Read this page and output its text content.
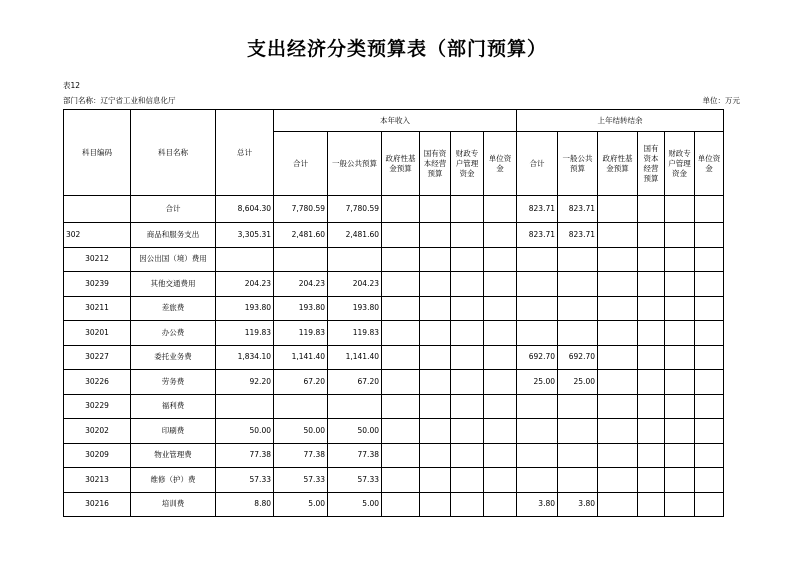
支出经济分类预算表（部门预算）
表12
部门名称：辽宁省工业和信息化厅	单位：万元
科目编码	科目名称	总计	本年收入						上年结转结余					
			合计	一般公共预算	政府性基金预算	国有资本经营预算	财政专户管理资金	单位资金	合计	一般公共预算	政府性基金预算	国有资本经营预算	财政专户管理资金	单位资金
	合计	8,604.30	7,780.59	7,780.59					823.71	823.71				
302	商品和服务支出	3,305.31	2,481.60	2,481.60					823.71	823.71				
30212	因公出国（境）费用													
30239	其他交通费用	204.23	204.23	204.23										
30211	差旅费	193.80	193.80	193.80										
30201	办公费	119.83	119.83	119.83										
30227	委托业务费	1,834.10	1,141.40	1,141.40					692.70	692.70				
30226	劳务费	92.20	67.20	67.20					25.00	25.00				
30229	福利费													
30202	印刷费	50.00	50.00	50.00										
30209	物业管理费	77.38	77.38	77.38										
30213	维修（护）费	57.33	57.33	57.33										
30216	培训费	8.80	5.00	5.00					3.80	3.80				
